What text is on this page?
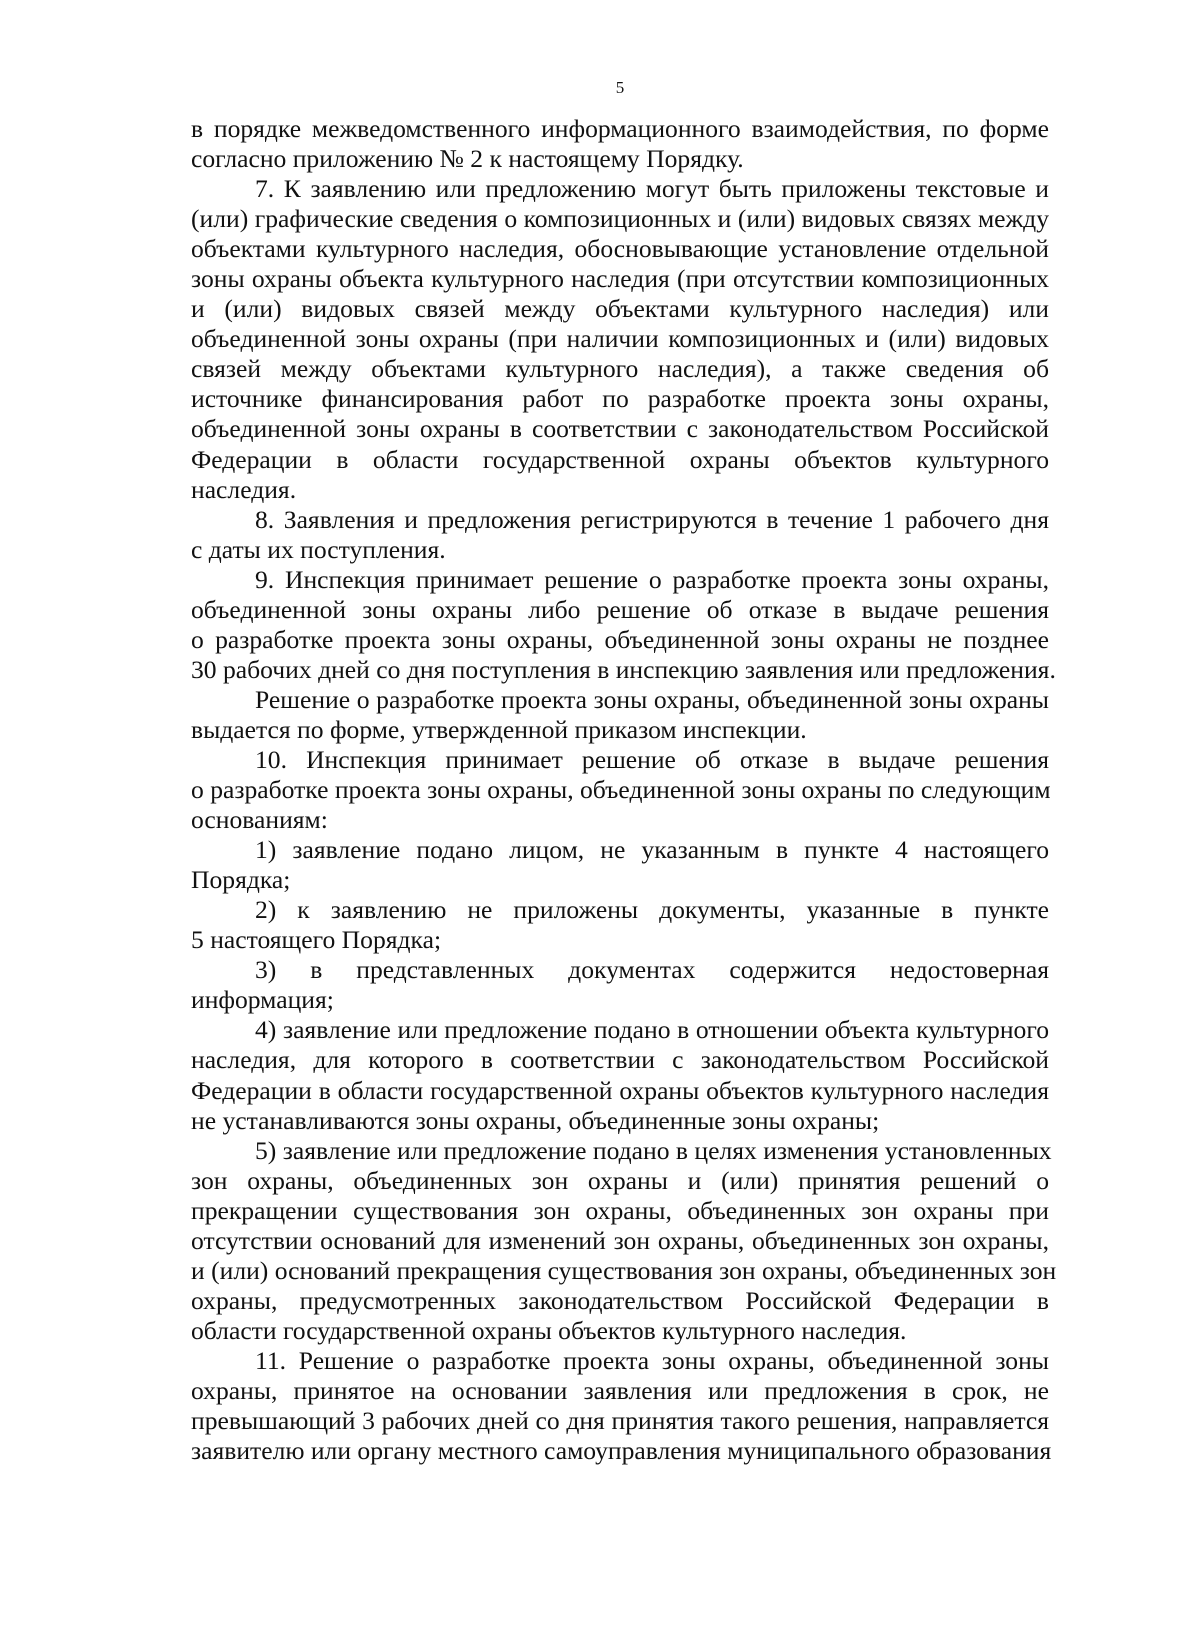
5
в порядке межведомственного информационного взаимодействия, по форме
согласно приложению № 2 к настоящему Порядку.
7. К заявлению или предложению могут быть приложены текстовые и
(или) графические сведения о композиционных и (или) видовых связях между
объектами культурного наследия, обосновывающие установление отдельной
зоны охраны объекта культурного наследия (при отсутствии композиционных
и (или) видовых связей между объектами культурного наследия) или
объединенной зоны охраны (при наличии композиционных и (или) видовых
связей между объектами культурного наследия), а также сведения об
источнике финансирования работ по разработке проекта зоны охраны,
объединенной зоны охраны в соответствии с законодательством Российской
Федерации в области государственной охраны объектов культурного
наследия.
8. Заявления и предложения регистрируются в течение 1 рабочего дня
с даты их поступления.
9. Инспекция принимает решение о разработке проекта зоны охраны,
объединенной зоны охраны либо решение об отказе в выдаче решения
о разработке проекта зоны охраны, объединенной зоны охраны не позднее
30 рабочих дней со дня поступления в инспекцию заявления или предложения.
Решение о разработке проекта зоны охраны, объединенной зоны охраны
выдается по форме, утвержденной приказом инспекции.
10. Инспекция принимает решение об отказе в выдаче решения
о разработке проекта зоны охраны, объединенной зоны охраны по следующим
основаниям:
1) заявление подано лицом, не указанным в пункте 4 настоящего
Порядка;
2) к заявлению не приложены документы, указанные в пункте
5 настоящего Порядка;
3) в представленных документах содержится недостоверная
информация;
4) заявление или предложение подано в отношении объекта культурного
наследия, для которого в соответствии с законодательством Российской
Федерации в области государственной охраны объектов культурного наследия
не устанавливаются зоны охраны, объединенные зоны охраны;
5) заявление или предложение подано в целях изменения установленных
зон охраны, объединенных зон охраны и (или) принятия решений о
прекращении существования зон охраны, объединенных зон охраны при
отсутствии оснований для изменений зон охраны, объединенных зон охраны,
и (или) оснований прекращения существования зон охраны, объединенных зон
охраны, предусмотренных законодательством Российской Федерации в
области государственной охраны объектов культурного наследия.
11. Решение о разработке проекта зоны охраны, объединенной зоны
охраны, принятое на основании заявления или предложения в срок, не
превышающий 3 рабочих дней со дня принятия такого решения, направляется
заявителю или органу местного самоуправления муниципального образования
